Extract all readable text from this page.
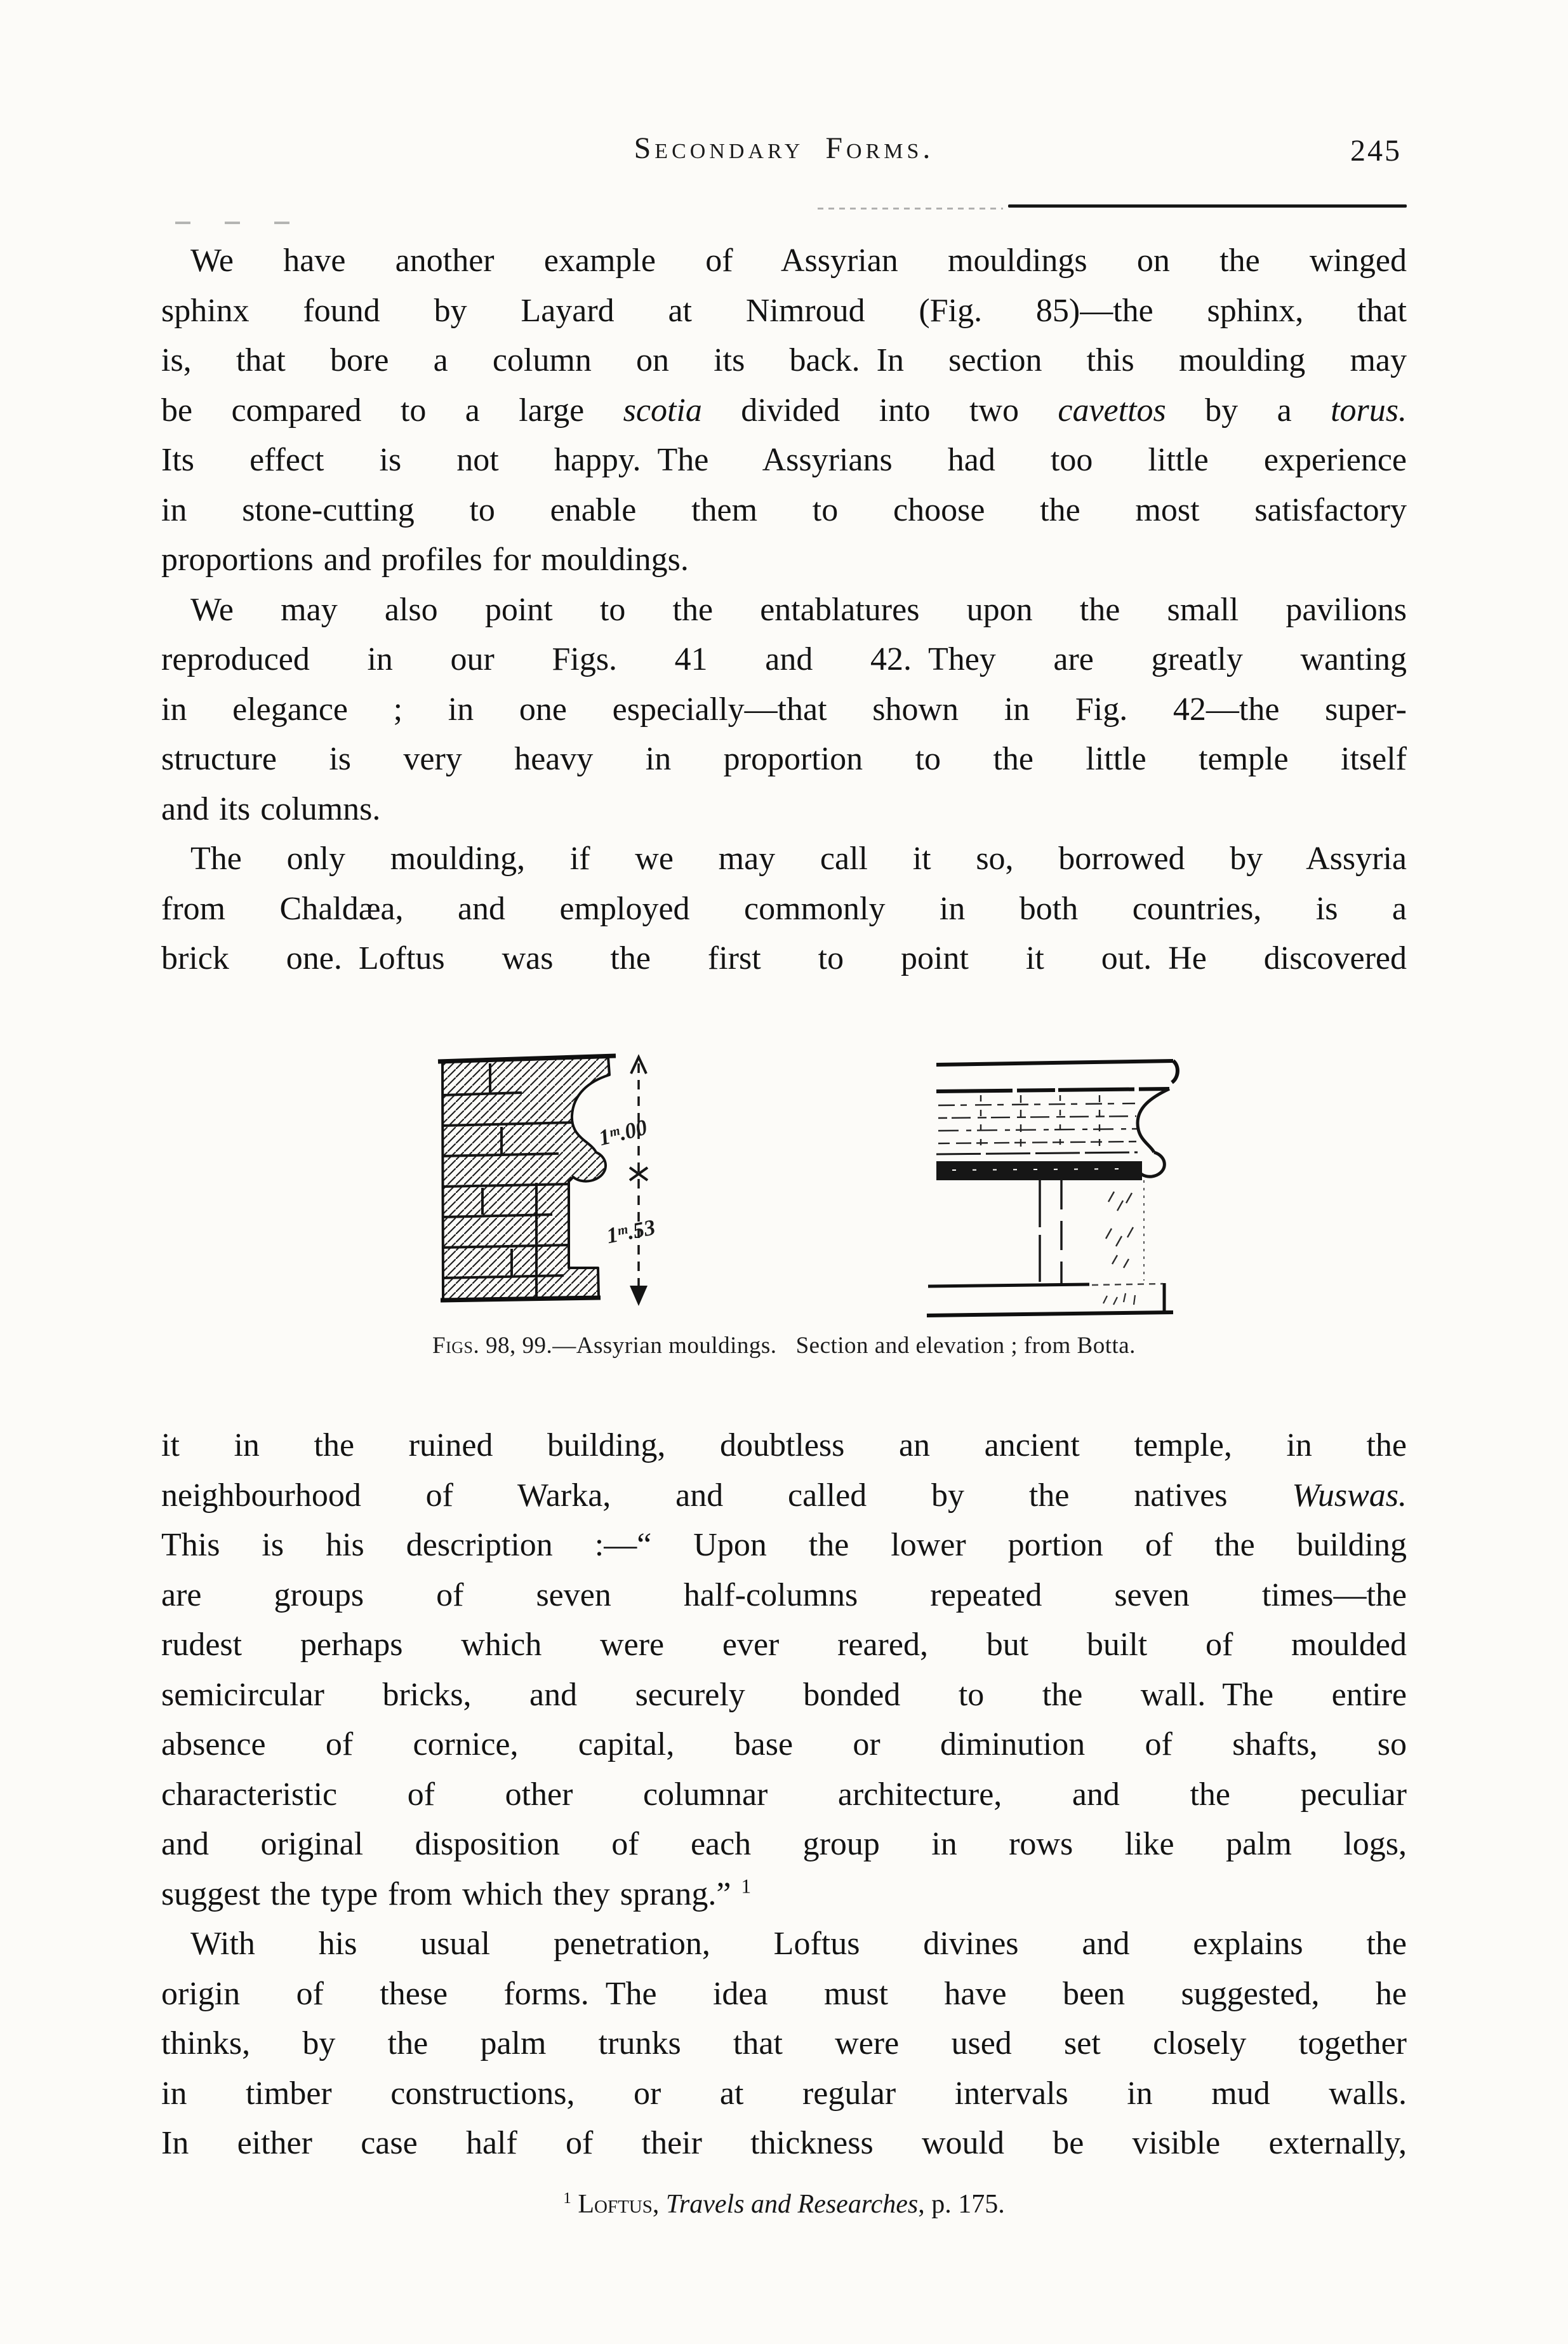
Secondary Forms.	245
We have another example of Assyrian mouldings on the winged
sphinx found by Layard at Nimroud (Fig. 85)—the sphinx, that
is, that bore a column on its back. In section this moulding may
be compared to a large scotia divided into two cavettos by a torus.
Its effect is not happy. The Assyrians had too little experience
in stone-cutting to enable them to choose the most satisfactory
proportions and profiles for mouldings.
We may also point to the entablatures upon the small pavilions
reproduced in our Figs. 41 and 42. They are greatly wanting
in elegance ; in one especially—that shown in Fig. 42—the super-
structure is very heavy in proportion to the little temple itself
and its columns.
The only moulding, if we may call it so, borrowed by Assyria
from Chaldæa, and employed commonly in both countries, is a
brick one. Loftus was the first to point it out. He discovered
1ᵐ.00
1ᵐ.53
Figs. 98, 99.—Assyrian mouldings. Section and elevation ; from Botta.
it in the ruined building, doubtless an ancient temple, in the
neighbourhood of Warka, and called by the natives Wuswas.
This is his description :—“ Upon the lower portion of the building
are groups of seven half-columns repeated seven times—the
rudest perhaps which were ever reared, but built of moulded
semicircular bricks, and securely bonded to the wall. The entire
absence of cornice, capital, base or diminution of shafts, so
characteristic of other columnar architecture, and the peculiar
and original disposition of each group in rows like palm logs,
suggest the type from which they sprang.” $^1$
With his usual penetration, Loftus divines and explains the
origin of these forms. The idea must have been suggested, he
thinks, by the palm trunks that were used set closely together
in timber constructions, or at regular intervals in mud walls.
In either case half of their thickness would be visible externally,
$^1$ Loftus, Travels and Researches, p. 175.
